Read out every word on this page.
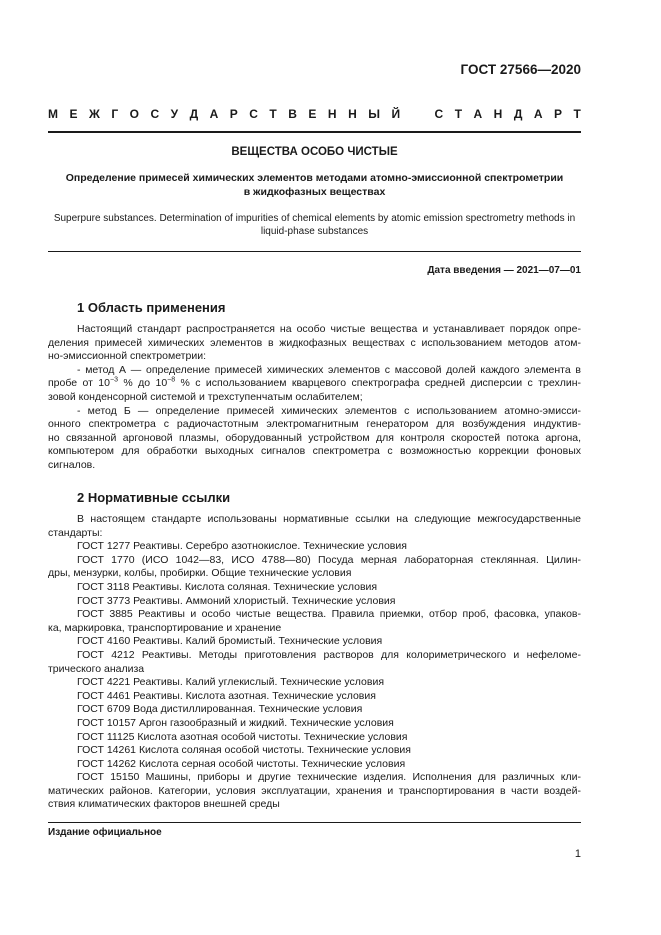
ГОСТ 27566—2020
М Е Ж Г О С У Д А Р С Т В Е Н Н Ы Й	С Т А Н Д А Р Т
ВЕЩЕСТВА ОСОБО ЧИСТЫЕ
Определение примесей химических элементов методами атомно-эмиссионной спектрометрии
в жидкофазных веществах
Superpure substances. Determination of impurities of chemical elements by atomic emission spectrometry methods in
liquid-phase substances
Дата введения — 2021—07—01
1 Область применения
Настоящий стандарт распространяется на особо чистые вещества и устанавливает порядок опре-
деления примесей химических элементов в жидкофазных веществах с использованием методов атом-
но-эмиссионной спектрометрии:
- метод А — определение примесей химических элементов с массовой долей каждого элемента в
пробе от $10^{-3}$ % до $10^{-8}$ % с использованием кварцевого спектрографа средней дисперсии с трехлин-
зовой конденсорной системой и трехступенчатым ослабителем;
- метод Б — определение примесей химических элементов с использованием атомно-эмисси-
онного спектрометра с радиочастотным электромагнитным генератором для возбуждения индуктив-
но связанной аргоновой плазмы, оборудованный устройством для контроля скоростей потока аргона,
компьютером для обработки выходных сигналов спектрометра с возможностью коррекции фоновых
сигналов.
2 Нормативные ссылки
В настоящем стандарте использованы нормативные ссылки на следующие межгосударственные
стандарты:
ГОСТ 1277 Реактивы. Серебро азотнокислое. Технические условия
ГОСТ 1770 (ИСО 1042—83, ИСО 4788—80) Посуда мерная лабораторная стеклянная. Цилин-
дры, мензурки, колбы, пробирки. Общие технические условия
ГОСТ 3118 Реактивы. Кислота соляная. Технические условия
ГОСТ 3773 Реактивы. Аммоний хлористый. Технические условия
ГОСТ 3885 Реактивы и особо чистые вещества. Правила приемки, отбор проб, фасовка, упаков-
ка, маркировка, транспортирование и хранение
ГОСТ 4160 Реактивы. Калий бромистый. Технические условия
ГОСТ 4212 Реактивы. Методы приготовления растворов для колориметрического и нефеломе-
трического анализа
ГОСТ 4221 Реактивы. Калий углекислый. Технические условия
ГОСТ 4461 Реактивы. Кислота азотная. Технические условия
ГОСТ 6709 Вода дистиллированная. Технические условия
ГОСТ 10157 Аргон газообразный и жидкий. Технические условия
ГОСТ 11125 Кислота азотная особой чистоты. Технические условия
ГОСТ 14261 Кислота соляная особой чистоты. Технические условия
ГОСТ 14262 Кислота серная особой чистоты. Технические условия
ГОСТ 15150 Машины, приборы и другие технические изделия. Исполнения для различных кли-
матических районов. Категории, условия эксплуатации, хранения и транспортирования в части воздей-
ствия климатических факторов внешней среды
Издание официальное
1
